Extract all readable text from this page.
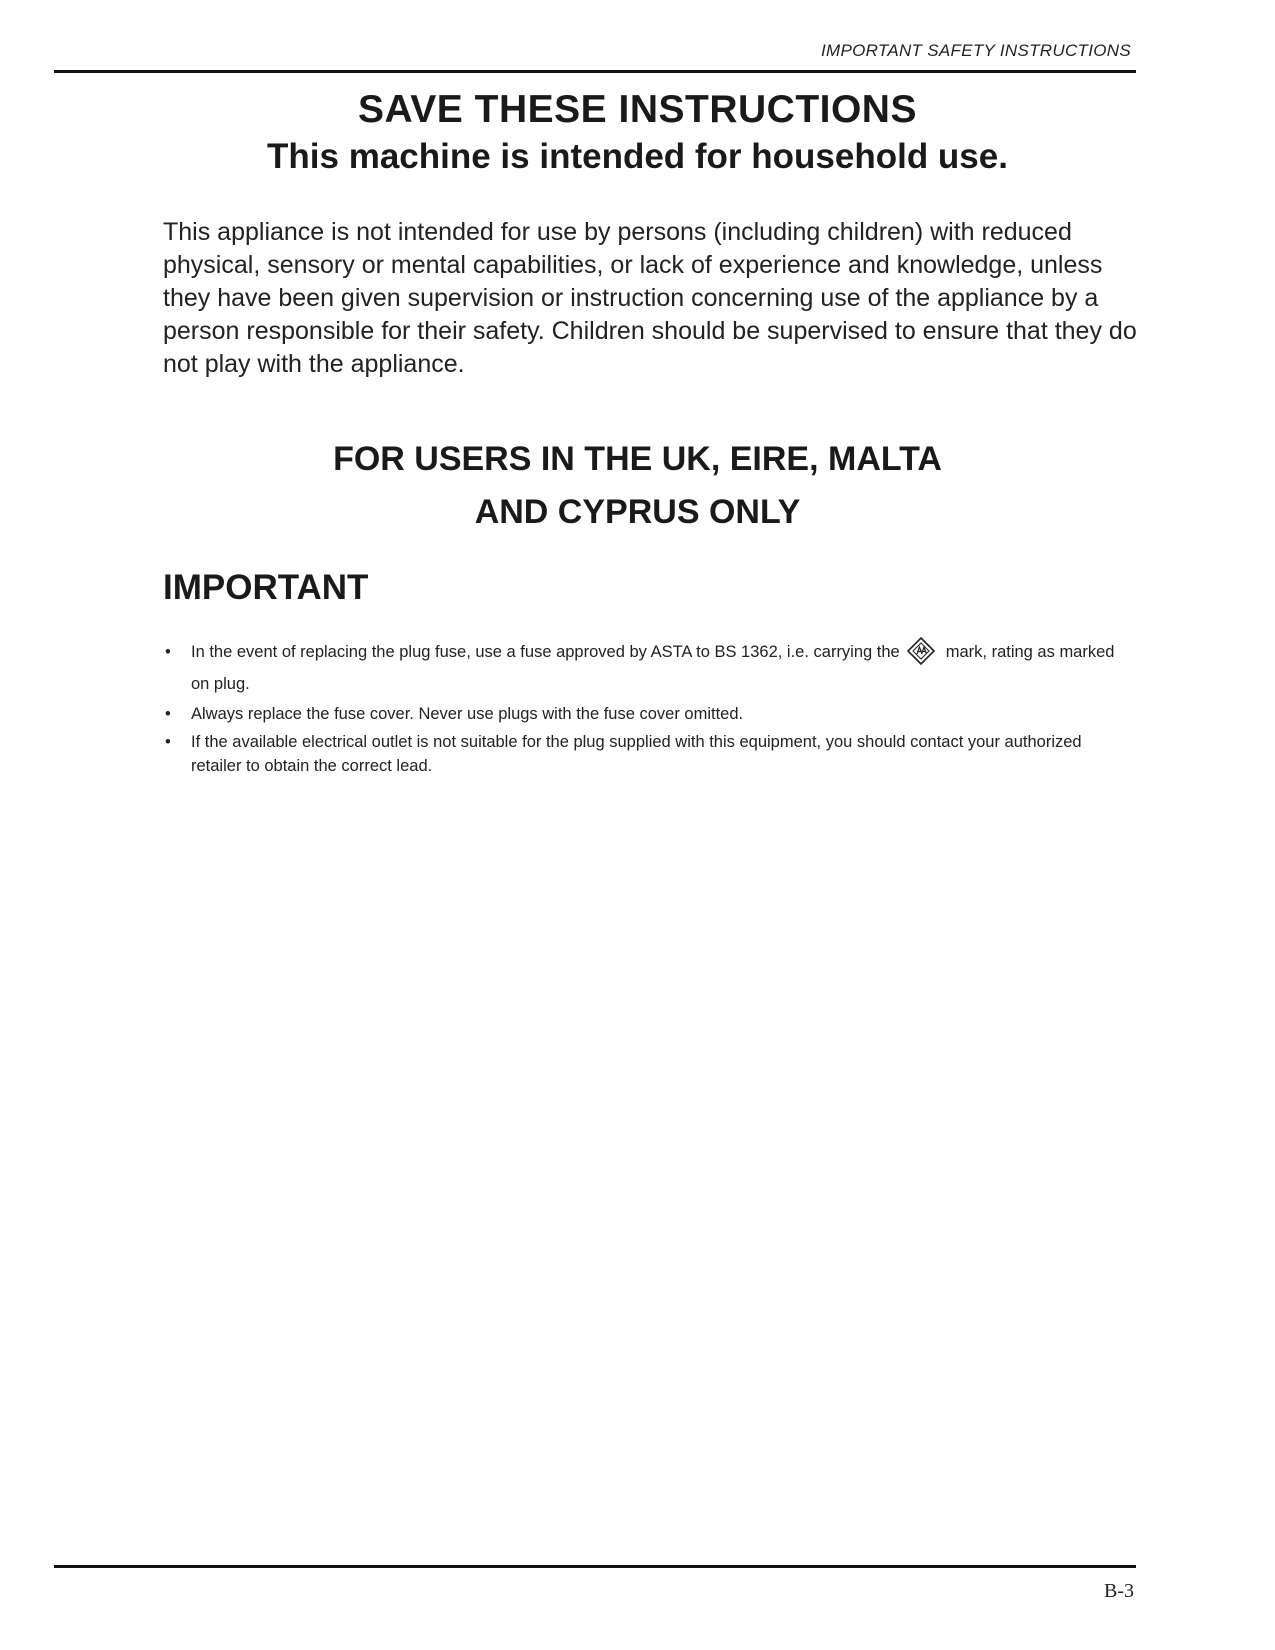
IMPORTANT SAFETY INSTRUCTIONS
SAVE THESE INSTRUCTIONS
This machine is intended for household use.

This appliance is not intended for use by persons (including children) with reduced physical, sensory or mental capabilities, or lack of experience and knowledge, unless they have been given supervision or instruction concerning use of the appliance by a person responsible for their safety. Children should be supervised to ensure that they do not play with the appliance.

FOR USERS IN THE UK, EIRE, MALTA
AND CYPRUS ONLY
IMPORTANT
• In the event of replacing the plug fuse, use a fuse approved by ASTA to BS 1362, i.e. carrying the	mark, rating as marked on plug.
• Always replace the fuse cover. Never use plugs with the fuse cover omitted.
• If the available electrical outlet is not suitable for the plug supplied with this equipment, you should contact your authorized retailer to obtain the correct lead.
B-3
